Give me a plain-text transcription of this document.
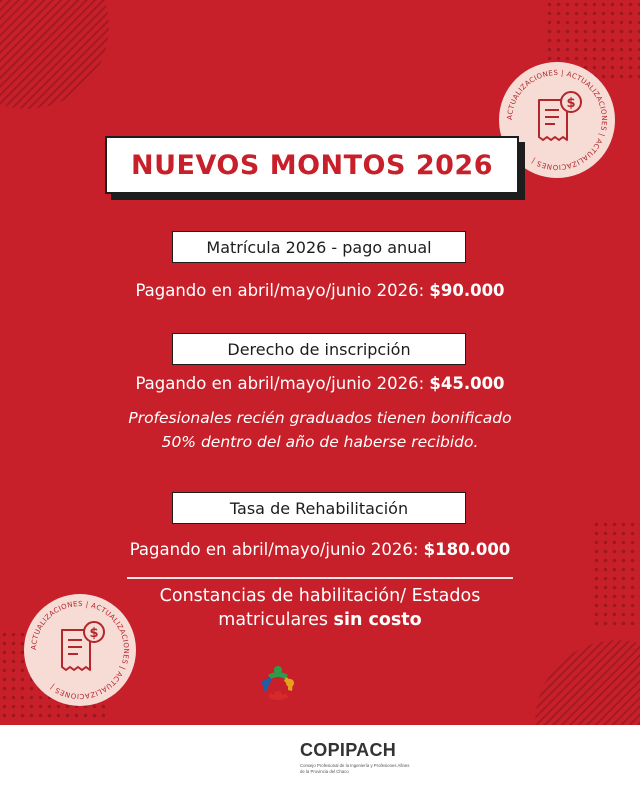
ACTUALIZACIONES | ACTUALIZACIONES | ACTUALIZACIONES |
$
ACTUALIZACIONES | ACTUALIZACIONES | ACTUALIZACIONES |
$
NUEVOS MONTOS 2026
Matrícula 2026 - pago anual
Pagando en abril/mayo/junio 2026: $90.000
Derecho de inscripción
Pagando en abril/mayo/junio 2026: $45.000
Profesionales recién graduados tienen bonificado
50% dentro del año de haberse recibido.
Tasa de Rehabilitación
Pagando en abril/mayo/junio 2026: $180.000
Constancias de habilitación/ Estados
matriculares sin costo
COPIPACH
Consejo Profesional de la Ingeniería y Profesiones Afines de la Provincia del Chaco
